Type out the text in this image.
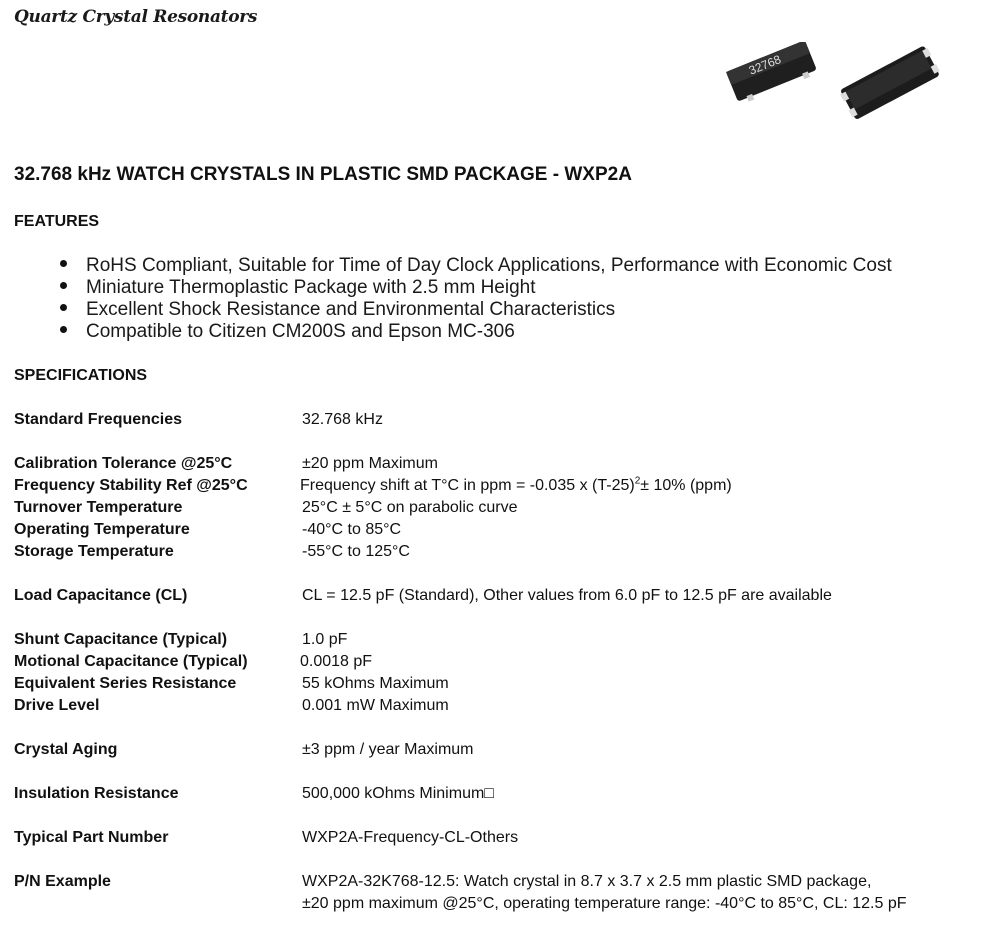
Quartz Crystal Resonators
32768
32.768 kHz WATCH CRYSTALS IN PLASTIC SMD PACKAGE - WXP2A
FEATURES
RoHS Compliant, Suitable for Time of Day Clock Applications, Performance with Economic Cost
Miniature Thermoplastic Package with 2.5 mm Height
Excellent Shock Resistance and Environmental Characteristics
Compatible to Citizen CM200S and Epson MC-306
SPECIFICATIONS
Standard Frequencies	32.768 kHz
Calibration Tolerance @25°C	±20 ppm Maximum
Frequency Stability Ref @25°C	Frequency shift at T°C in ppm = -0.035 x $(T-25)^2\pm 10\%$ (ppm)
Turnover Temperature	25°C ± 5°C on parabolic curve
Operating Temperature	-40°C to 85°C
Storage Temperature	-55°C to 125°C
Load Capacitance (CL)	CL = 12.5 pF (Standard), Other values from 6.0 pF to 12.5 pF are available
Shunt Capacitance (Typical)	1.0 pF
Motional Capacitance (Typical)	0.0018 pF
Equivalent Series Resistance	55 kOhms Maximum
Drive Level	0.001 mW Maximum
Crystal Aging	±3 ppm / year Maximum
Insulation Resistance	500,000 kOhms Minimum□
Typical Part Number	WXP2A-Frequency-CL-Others
P/N Example	WXP2A-32K768-12.5: Watch crystal in 8.7 x 3.7 x 2.5 mm plastic SMD package,
±20 ppm maximum @25°C, operating temperature range: -40°C to 85°C, CL: 12.5 pF
